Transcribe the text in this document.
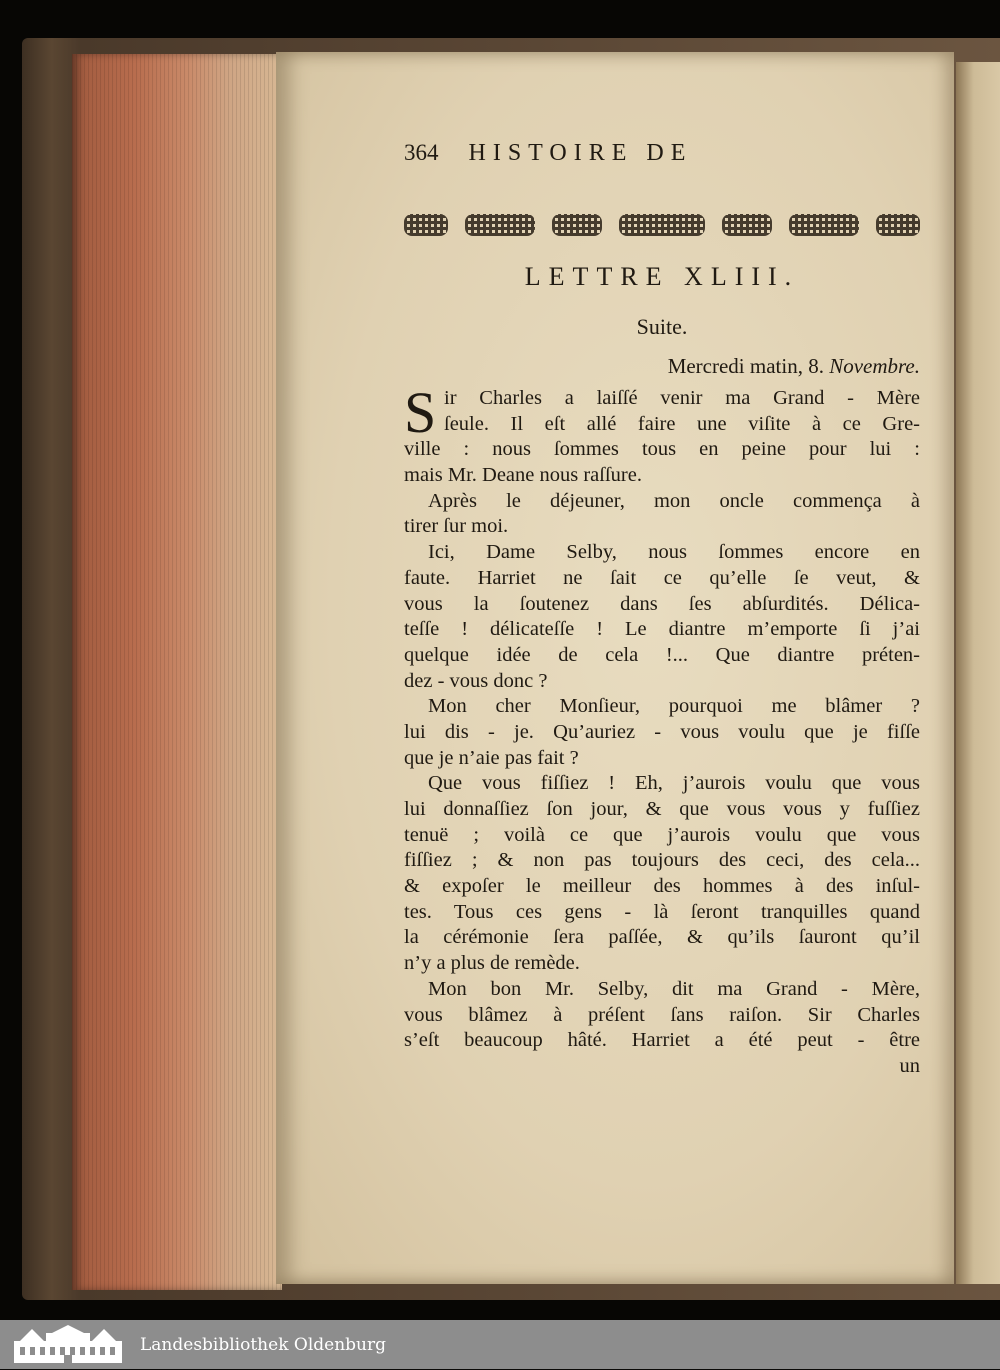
364 HISTOIRE DE
LETTRE XLIII.
Suite.
Mercredi matin, 8. Novembre.
S ir Charles a laiſſé venir ma Grand - Mère
ſeule. Il eſt allé faire une viſite à ce Gre-
ville : nous ſommes tous en peine pour lui :
mais Mr. Deane nous raſſure.
Après le déjeuner, mon oncle commença à
tirer ſur moi.
Ici, Dame Selby, nous ſommes encore en
faute. Harriet ne ſait ce qu’elle ſe veut, &
vous la ſoutenez dans ſes abſurdités. Délica-
teſſe ! délicateſſe ! Le diantre m’emporte ſi j’ai
quelque idée de cela !... Que diantre préten-
dez - vous donc ?
Mon cher Monſieur, pourquoi me blâmer ?
lui dis - je. Qu’auriez - vous voulu que je fiſſe
que je n’aie pas fait ?
Que vous fiſſiez ! Eh, j’aurois voulu que vous
lui donnaſſiez ſon jour, & que vous vous y fuſſiez
tenuë ; voilà ce que j’aurois voulu que vous
fiſſiez ; & non pas toujours des ceci, des cela...
& expoſer le meilleur des hommes à des inſul-
tes. Tous ces gens - là ſeront tranquilles quand
la cérémonie ſera paſſée, & qu’ils ſauront qu’il
n’y a plus de remède.
Mon bon Mr. Selby, dit ma Grand - Mère,
vous blâmez à préſent ſans raiſon. Sir Charles
s’eſt beaucoup hâté. Harriet a été peut - être
un
Landesbibliothek Oldenburg
